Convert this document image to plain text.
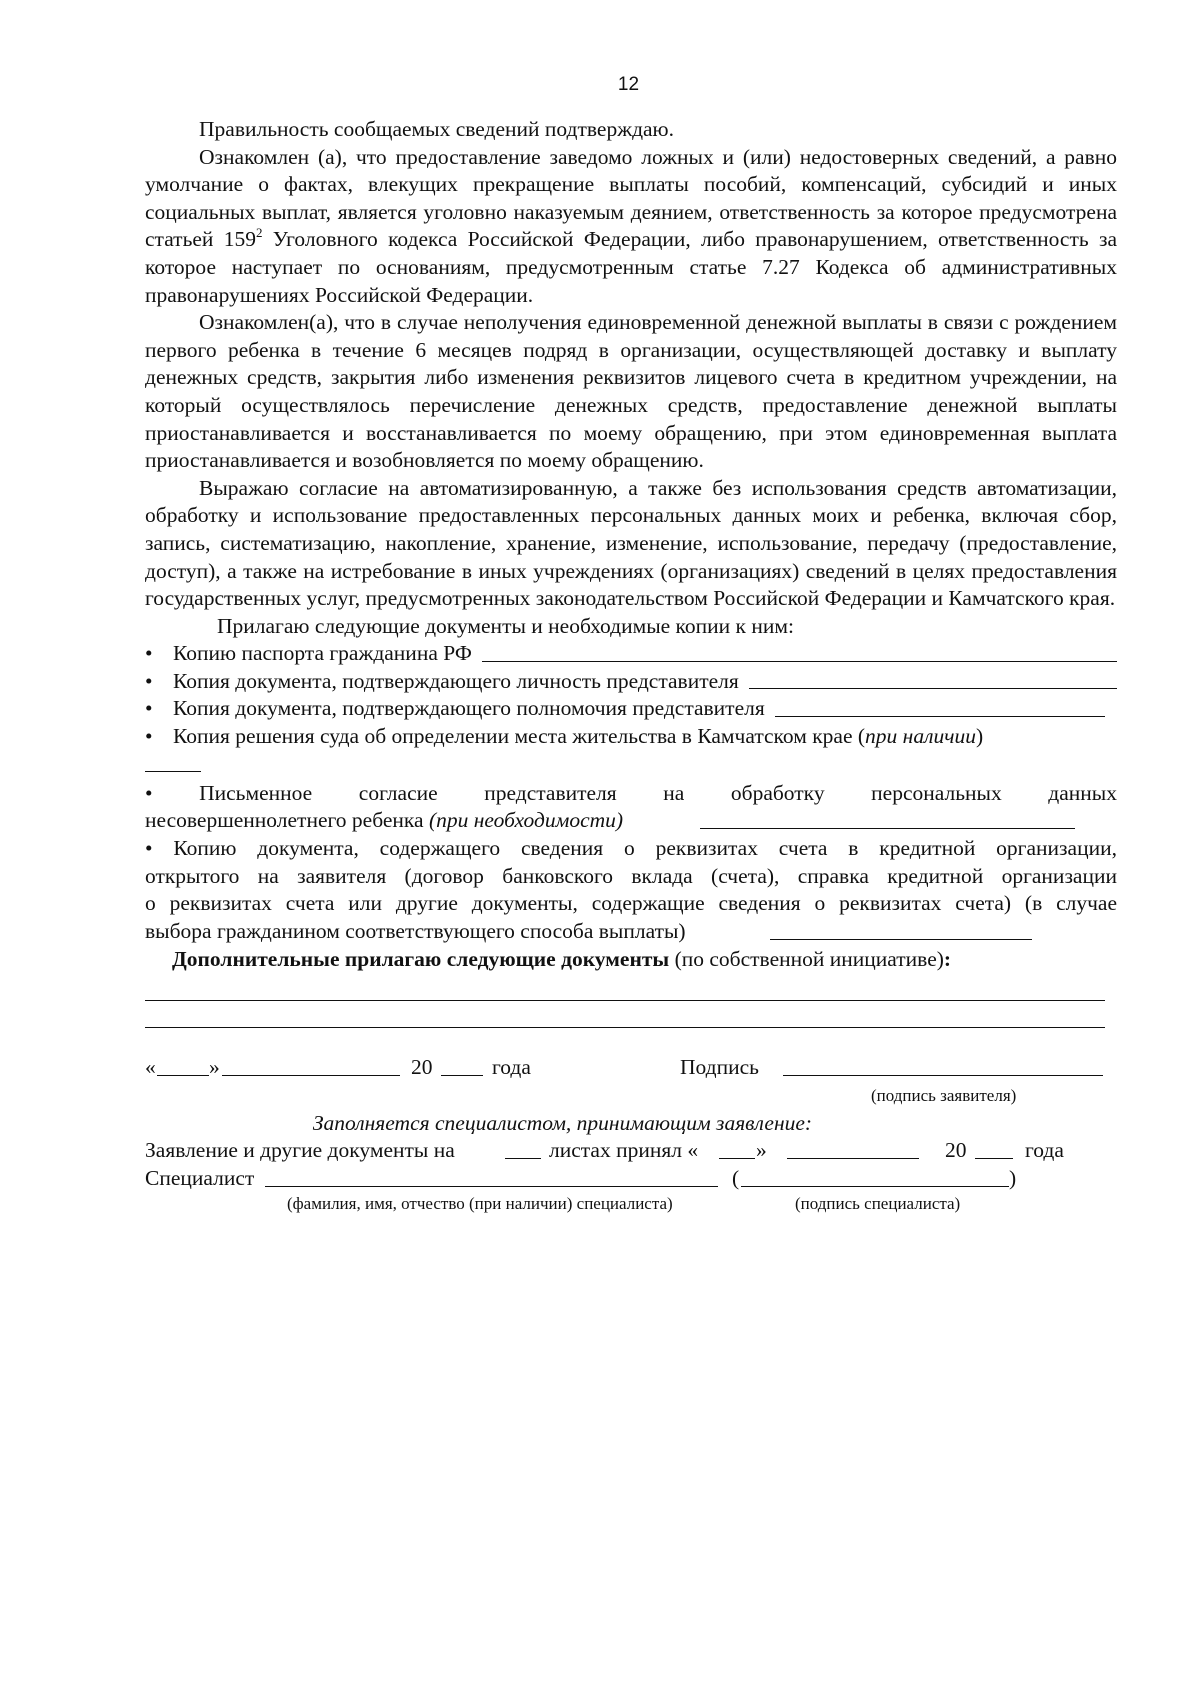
12

Правильность сообщаемых сведений подтверждаю.

Ознакомлен (а), что предоставление заведомо ложных и (или) недостоверных сведений, а равно умолчание о фактах, влекущих прекращение выплаты пособий, компенсаций, субсидий и иных социальных выплат, является уголовно наказуемым деянием, ответственность за которое предусмотрена статьей $159^2$ Уголовного кодекса Российской Федерации, либо правонарушением, ответственность за которое наступает по основаниям, предусмотренным статье 7.27 Кодекса об административных правонарушениях Российской Федерации.

Ознакомлен(а), что в случае неполучения единовременной денежной выплаты в связи с рождением первого ребенка в течение 6 месяцев подряд в организации, осуществляющей доставку и выплату денежных средств, закрытия либо изменения реквизитов лицевого счета в кредитном учреждении, на который осуществлялось перечисление денежных средств, предоставление денежной выплаты приостанавливается и восстанавливается по моему обращению, при этом единовременная выплата приостанавливается и возобновляется по моему обращению.

Выражаю согласие на автоматизированную, а также без использования средств автоматизации, обработку и использование предоставленных персональных данных моих и ребенка, включая сбор, запись, систематизацию, накопление, хранение, изменение, использование, передачу (предоставление, доступ), а также на истребование в иных учреждениях (организациях) сведений в целях предоставления государственных услуг, предусмотренных законодательством Российской Федерации и Камчатского края.

Прилагаю следующие документы и необходимые копии к ним:

• Копию паспорта гражданина РФ
• Копия документа, подтверждающего личность представителя
• Копия документа, подтверждающего полномочия представителя
• Копия решения суда об определении места жительства в Камчатском крае (при наличии)

• Письменное согласие представителя на обработку персональных данных

несовершеннолетнего ребенка (при необходимости)

• Копию документа, содержащего сведения о реквизитах счета в кредитной организации,

открытого на заявителя (договор банковского вклада (счета), справка кредитной организации

о реквизитах счета или другие документы, содержащие сведения о реквизитах счета) (в случае

выбора гражданином соответствующего способа выплаты)

Дополнительные прилагаю следующие документы (по собственной инициативе):

« »	20	года	Подпись
(подпись заявителя)

Заполняется специалистом, принимающим заявление:

Заявление и другие документы на	листах принял «	»	20	года
Специалист	(	)
(фамилия, имя, отчество (при наличии) специалиста)	(подпись специалиста)
